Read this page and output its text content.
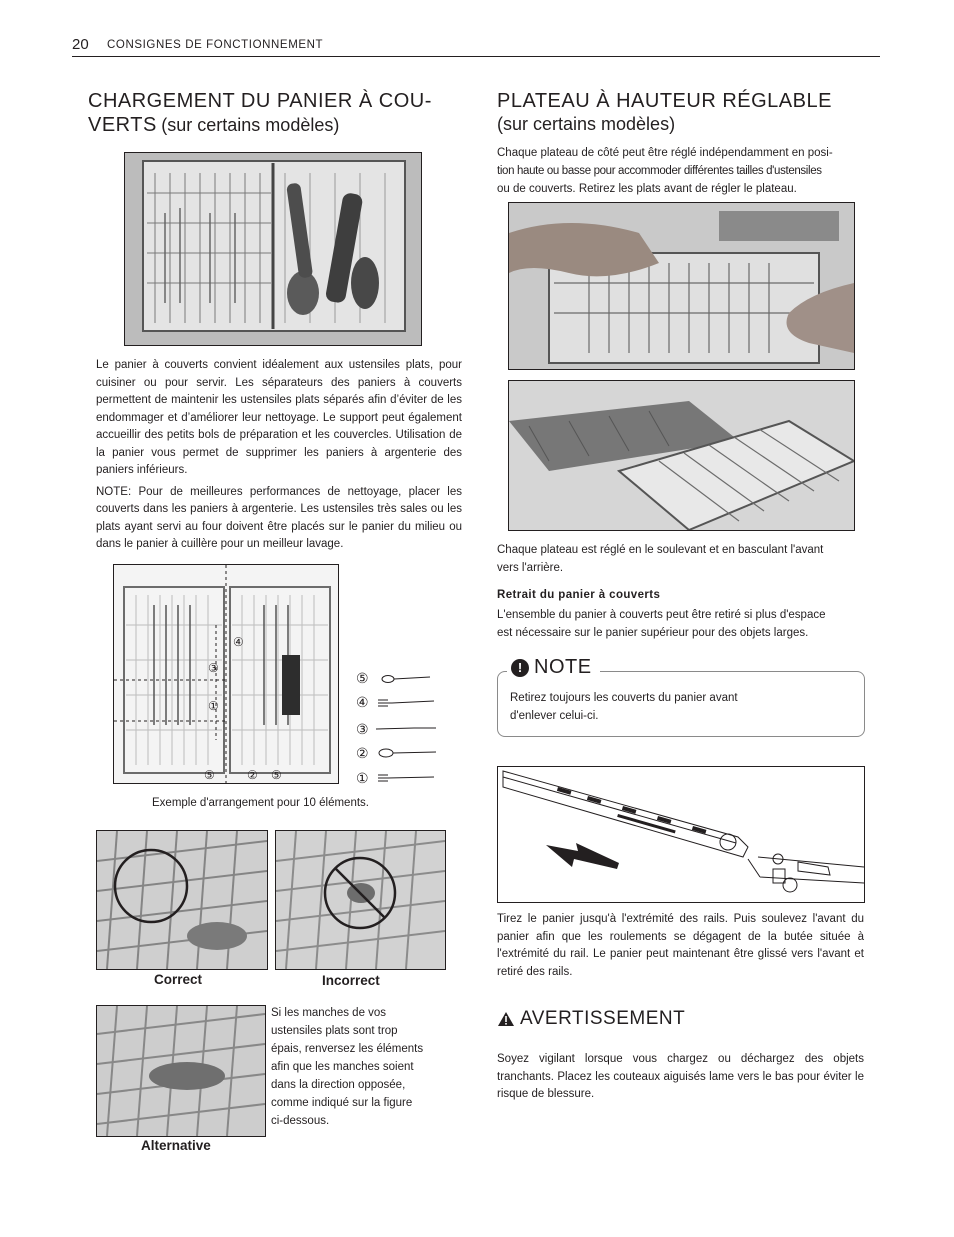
20 CONSIGNES DE FONCTIONNEMENT
CHARGEMENT DU PANIER À COU-
VERTS (sur certains modèles)

Le panier à couverts convient idéalement aux ustensiles plats, pour cuisiner ou pour servir. Les séparateurs des paniers à couverts permettent de maintenir les ustensiles plats séparés afin d’éviter de les endommager et d’améliorer leur nettoyage. Le support peut également accueillir des petits bols de préparation et les couvercles. Utilisation de la panier vous permet de supprimer les paniers à argenterie des paniers inférieurs.

NOTE: Pour de meilleures performances de nettoyage, placer les couverts dans les paniers à argenterie. Les ustensiles très sales ou les plats ayant servi au four doivent être placés sur le panier du milieu ou dans le panier à cuillère pour un meilleur lavage.

④
③
①
⑤	② ⑤
⑤
④
③
②
①
Exemple d'arrangement pour 10 éléments.
Correct	Incorrect
Alternative
Si les manches de vos
ustensiles plats sont trop
épais, renversez les éléments
afin que les manches soient
dans la direction opposée,
comme indiqué sur la figure
ci-dessous.
PLATEAU À HAUTEUR RÉGLABLE
(sur certains modèles)
Chaque plateau de côté peut être réglé indépendamment en posi-
tion haute ou basse pour accommoder différentes tailles d'ustensiles
ou de couverts. Retirez les plats avant de régler le plateau.
Chaque plateau est réglé en le soulevant et en basculant l'avant
vers l'arrière.
Retrait du panier à couverts
L'ensemble du panier à couverts peut être retiré si plus d'espace
est nécessaire sur le panier supérieur pour des objets larges.
! NOTE
Retirez toujours les couverts du panier avant
d'enlever celui-ci.
Tirez le panier jusqu'à l'extrémité des rails. Puis soulevez l'avant du panier afin que les roulements se dégagent de la butée située à l'extrémité du rail. Le panier peut maintenant être glissé vers l'avant et retiré des rails.
AVERTISSEMENT
Soyez vigilant lorsque vous chargez ou déchargez des objets tranchants. Placez les couteaux aiguisés lame vers le bas pour éviter le risque de blessure.
